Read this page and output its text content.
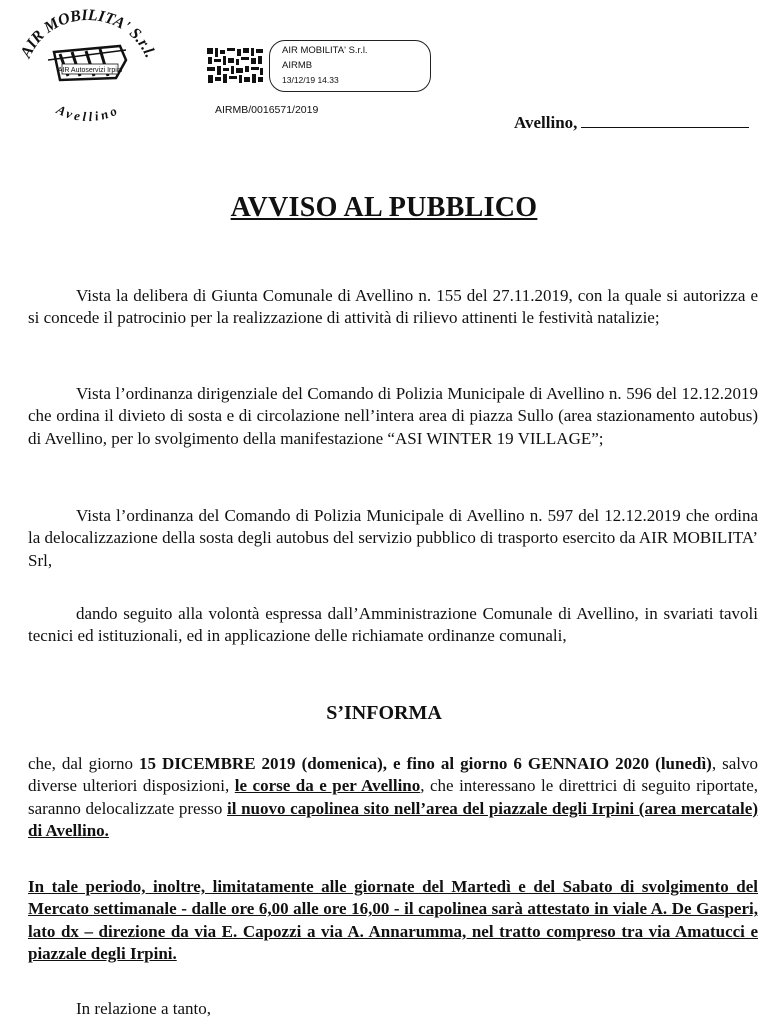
AIR MOBILITA' S.r.l.
Avellino
AIR Autoservizi Irpini
AIR MOBILITA' S.r.l.
AIRMB
13/12/19 14.33
AIRMB/0016571/2019
Avellino,
AVVISO AL PUBBLICO
Vista la delibera di Giunta Comunale di Avellino n. 155 del 27.11.2019, con la quale si autorizza e si concede il patrocinio per la realizzazione di attività di rilievo attinenti le festività natalizie;
Vista l’ordinanza dirigenziale del Comando di Polizia Municipale di Avellino n. 596 del 12.12.2019 che ordina il divieto di sosta e di circolazione nell’intera area di piazza Sullo (area stazionamento autobus) di Avellino, per lo svolgimento della manifestazione “ASI WINTER 19 VILLAGE”;
Vista l’ordinanza del Comando di Polizia Municipale di Avellino n. 597 del 12.12.2019 che ordina la delocalizzazione della sosta degli autobus del servizio pubblico di trasporto esercito da AIR MOBILITA’ Srl,
dando seguito alla volontà espressa dall’Amministrazione Comunale di Avellino, in svariati tavoli tecnici ed istituzionali, ed in applicazione delle richiamate ordinanze comunali,
S’INFORMA
che, dal giorno 15 DICEMBRE 2019 (domenica), e fino al giorno 6 GENNAIO 2020 (lunedì), salvo diverse ulteriori disposizioni, le corse da e per Avellino, che interessano le direttrici di seguito riportate, saranno delocalizzate presso il nuovo capolinea sito nell’area del piazzale degli Irpini (area mercatale) di Avellino.
In tale periodo, inoltre, limitatamente alle giornate del Martedì e del Sabato di svolgimento del Mercato settimanale - dalle ore 6,00 alle ore 16,00 - il capolinea sarà attestato in viale A. De Gasperi, lato dx – direzione da via E. Capozzi a via A. Annarumma, nel tratto compreso tra via Amatucci e piazzale degli Irpini.
In relazione a tanto,
